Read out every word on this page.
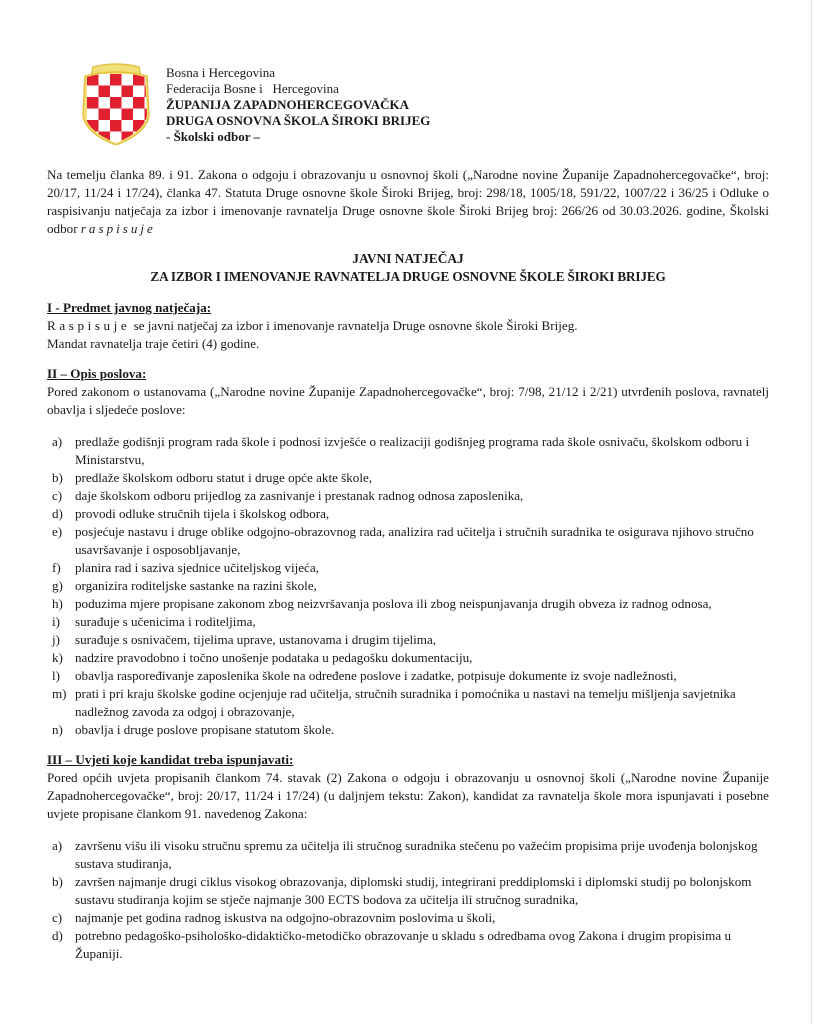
Bosna i Hercegovina
Federacija Bosne i   Hercegovina
ŽUPANIJA ZAPADNOHERCEGOVAČKA
DRUGA OSNOVNA ŠKOLA ŠIROKI BRIJEG
- Školski odbor –
Na temelju članka 89. i 91. Zakona o odgoju i obrazovanju u osnovnoj školi („Narodne novine Županije Zapadnohercegovačke“, broj: 20/17, 11/24 i 17/24), članka 47. Statuta Druge osnovne škole Široki Brijeg, broj: 298/18, 1005/18, 591/22, 1007/22 i 36/25 i Odluke o raspisivanju natječaja za izbor i imenovanje ravnatelja Druge osnovne škole Široki Brijeg broj: 266/26 od 30.03.2026. godine, Školski odbor raspisuje
JAVNI NATJEČAJ
ZA IZBOR I IMENOVANJE RAVNATELJA DRUGE OSNOVNE ŠKOLE ŠIROKI BRIJEG
I - Predmet javnog natječaja:
Raspisuje se javni natječaj za izbor i imenovanje ravnatelja Druge osnovne škole Široki Brijeg.
Mandat ravnatelja traje četiri (4) godine.
II – Opis poslova:
Pored zakonom o ustanovama („Narodne novine Županije Zapadnohercegovačke“, broj: 7/98, 21/12 i 2/21) utvrđenih poslova, ravnatelj obavlja i sljedeće poslove:
a) predlaže godišnji program rada škole i podnosi izvješće o realizaciji godišnjeg programa rada škole osnivaču, školskom odboru i Ministarstvu,
b) predlaže školskom odboru statut i druge opće akte škole,
c) daje školskom odboru prijedlog za zasnivanje i prestanak radnog odnosa zaposlenika,
d) provodi odluke stručnih tijela i školskog odbora,
e) posjećuje nastavu i druge oblike odgojno-obrazovnog rada, analizira rad učitelja i stručnih suradnika te osigurava njihovo stručno usavršavanje i osposobljavanje,
f) planira rad i saziva sjednice učiteljskog vijeća,
g) organizira roditeljske sastanke na razini škole,
h) poduzima mjere propisane zakonom zbog neizvršavanja poslova ili zbog neispunjavanja drugih obveza iz radnog odnosa,
i) surađuje s učenicima i roditeljima,
j) surađuje s osnivačem, tijelima uprave, ustanovama i drugim tijelima,
k) nadzire pravodobno i točno unošenje podataka u pedagošku dokumentaciju,
l) obavlja raspoređivanje zaposlenika škole na određene poslove i zadatke, potpisuje dokumente iz svoje nadležnosti,
m) prati i pri kraju školske godine ocjenjuje rad učitelja, stručnih suradnika i pomoćnika u nastavi na temelju mišljenja savjetnika nadležnog zavoda za odgoj i obrazovanje,
n) obavlja i druge poslove propisane statutom škole.
III – Uvjeti koje kandidat treba ispunjavati:
Pored općih uvjeta propisanih člankom 74. stavak (2) Zakona o odgoju i obrazovanju u osnovnoj školi („Narodne novine Županije Zapadnohercegovačke“, broj: 20/17, 11/24 i 17/24) (u daljnjem tekstu: Zakon), kandidat za ravnatelja škole mora ispunjavati i posebne uvjete propisane člankom 91. navedenog Zakona:
a) završenu višu ili visoku stručnu spremu za učitelja ili stručnog suradnika stečenu po važećim propisima prije uvođenja bolonjskog sustava studiranja,
b) završen najmanje drugi ciklus visokog obrazovanja, diplomski studij, integrirani preddiplomski i diplomski studij po bolonjskom sustavu studiranja kojim se stječe najmanje 300 ECTS bodova za učitelja ili stručnog suradnika,
c) najmanje pet godina radnog iskustva na odgojno-obrazovnim poslovima u školi,
d) potrebno pedagoško-psihološko-didaktičko-metodičko obrazovanje u skladu s odredbama ovog Zakona i drugim propisima u Županiji.
